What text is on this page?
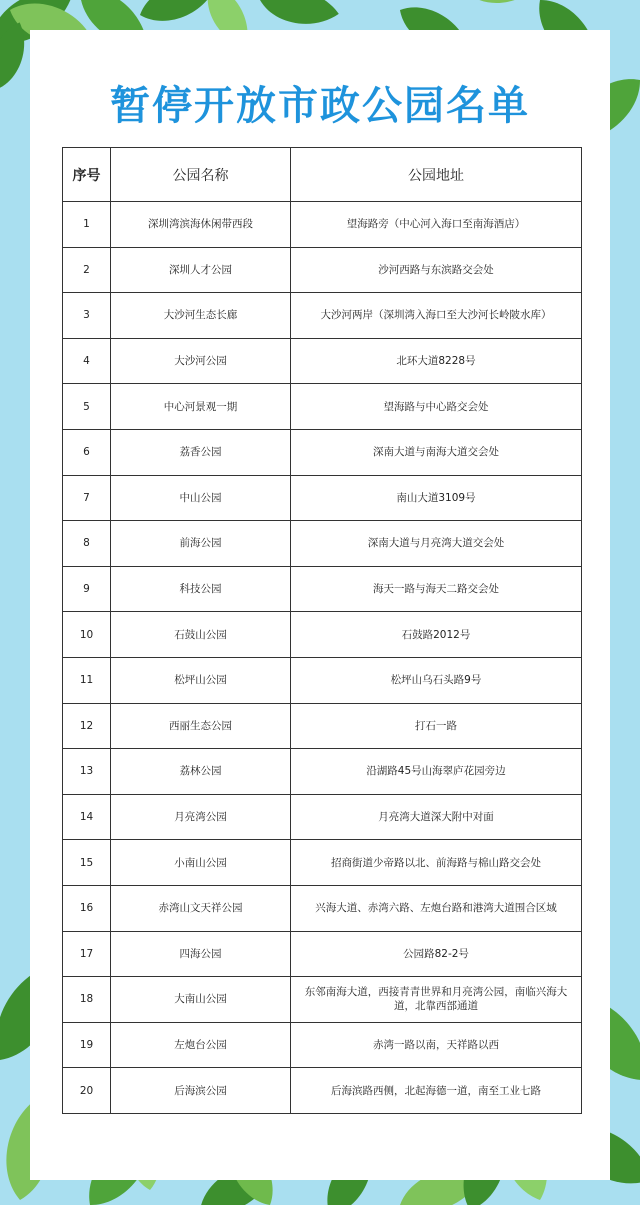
暂停开放市政公园名单
序号	公园名称	公园地址
1	深圳湾滨海休闲带西段	望海路旁（中心河入海口至南海酒店）
2	深圳人才公园	沙河西路与东滨路交会处
3	大沙河生态长廊	大沙河两岸（深圳湾入海口至大沙河长岭陂水库）
4	大沙河公园	北环大道8228号
5	中心河景观一期	望海路与中心路交会处
6	荔香公园	深南大道与南海大道交会处
7	中山公园	南山大道3109号
8	前海公园	深南大道与月亮湾大道交会处
9	科技公园	海天一路与海天二路交会处
10	石鼓山公园	石鼓路2012号
11	松坪山公园	松坪山乌石头路9号
12	西丽生态公园	打石一路
13	荔林公园	沿湖路45号山海翠庐花园旁边
14	月亮湾公园	月亮湾大道深大附中对面
15	小南山公园	招商街道少帝路以北、前海路与棉山路交会处
16	赤湾山文天祥公园	兴海大道、赤湾六路、左炮台路和港湾大道围合区域
17	四海公园	公园路82-2号
18	大南山公园	东邻南海大道，西接青青世界和月亮湾公园，南临兴海大道，北靠西部通道
19	左炮台公园	赤湾一路以南，天祥路以西
20	后海滨公园	后海滨路西侧，北起海德一道，南至工业七路
